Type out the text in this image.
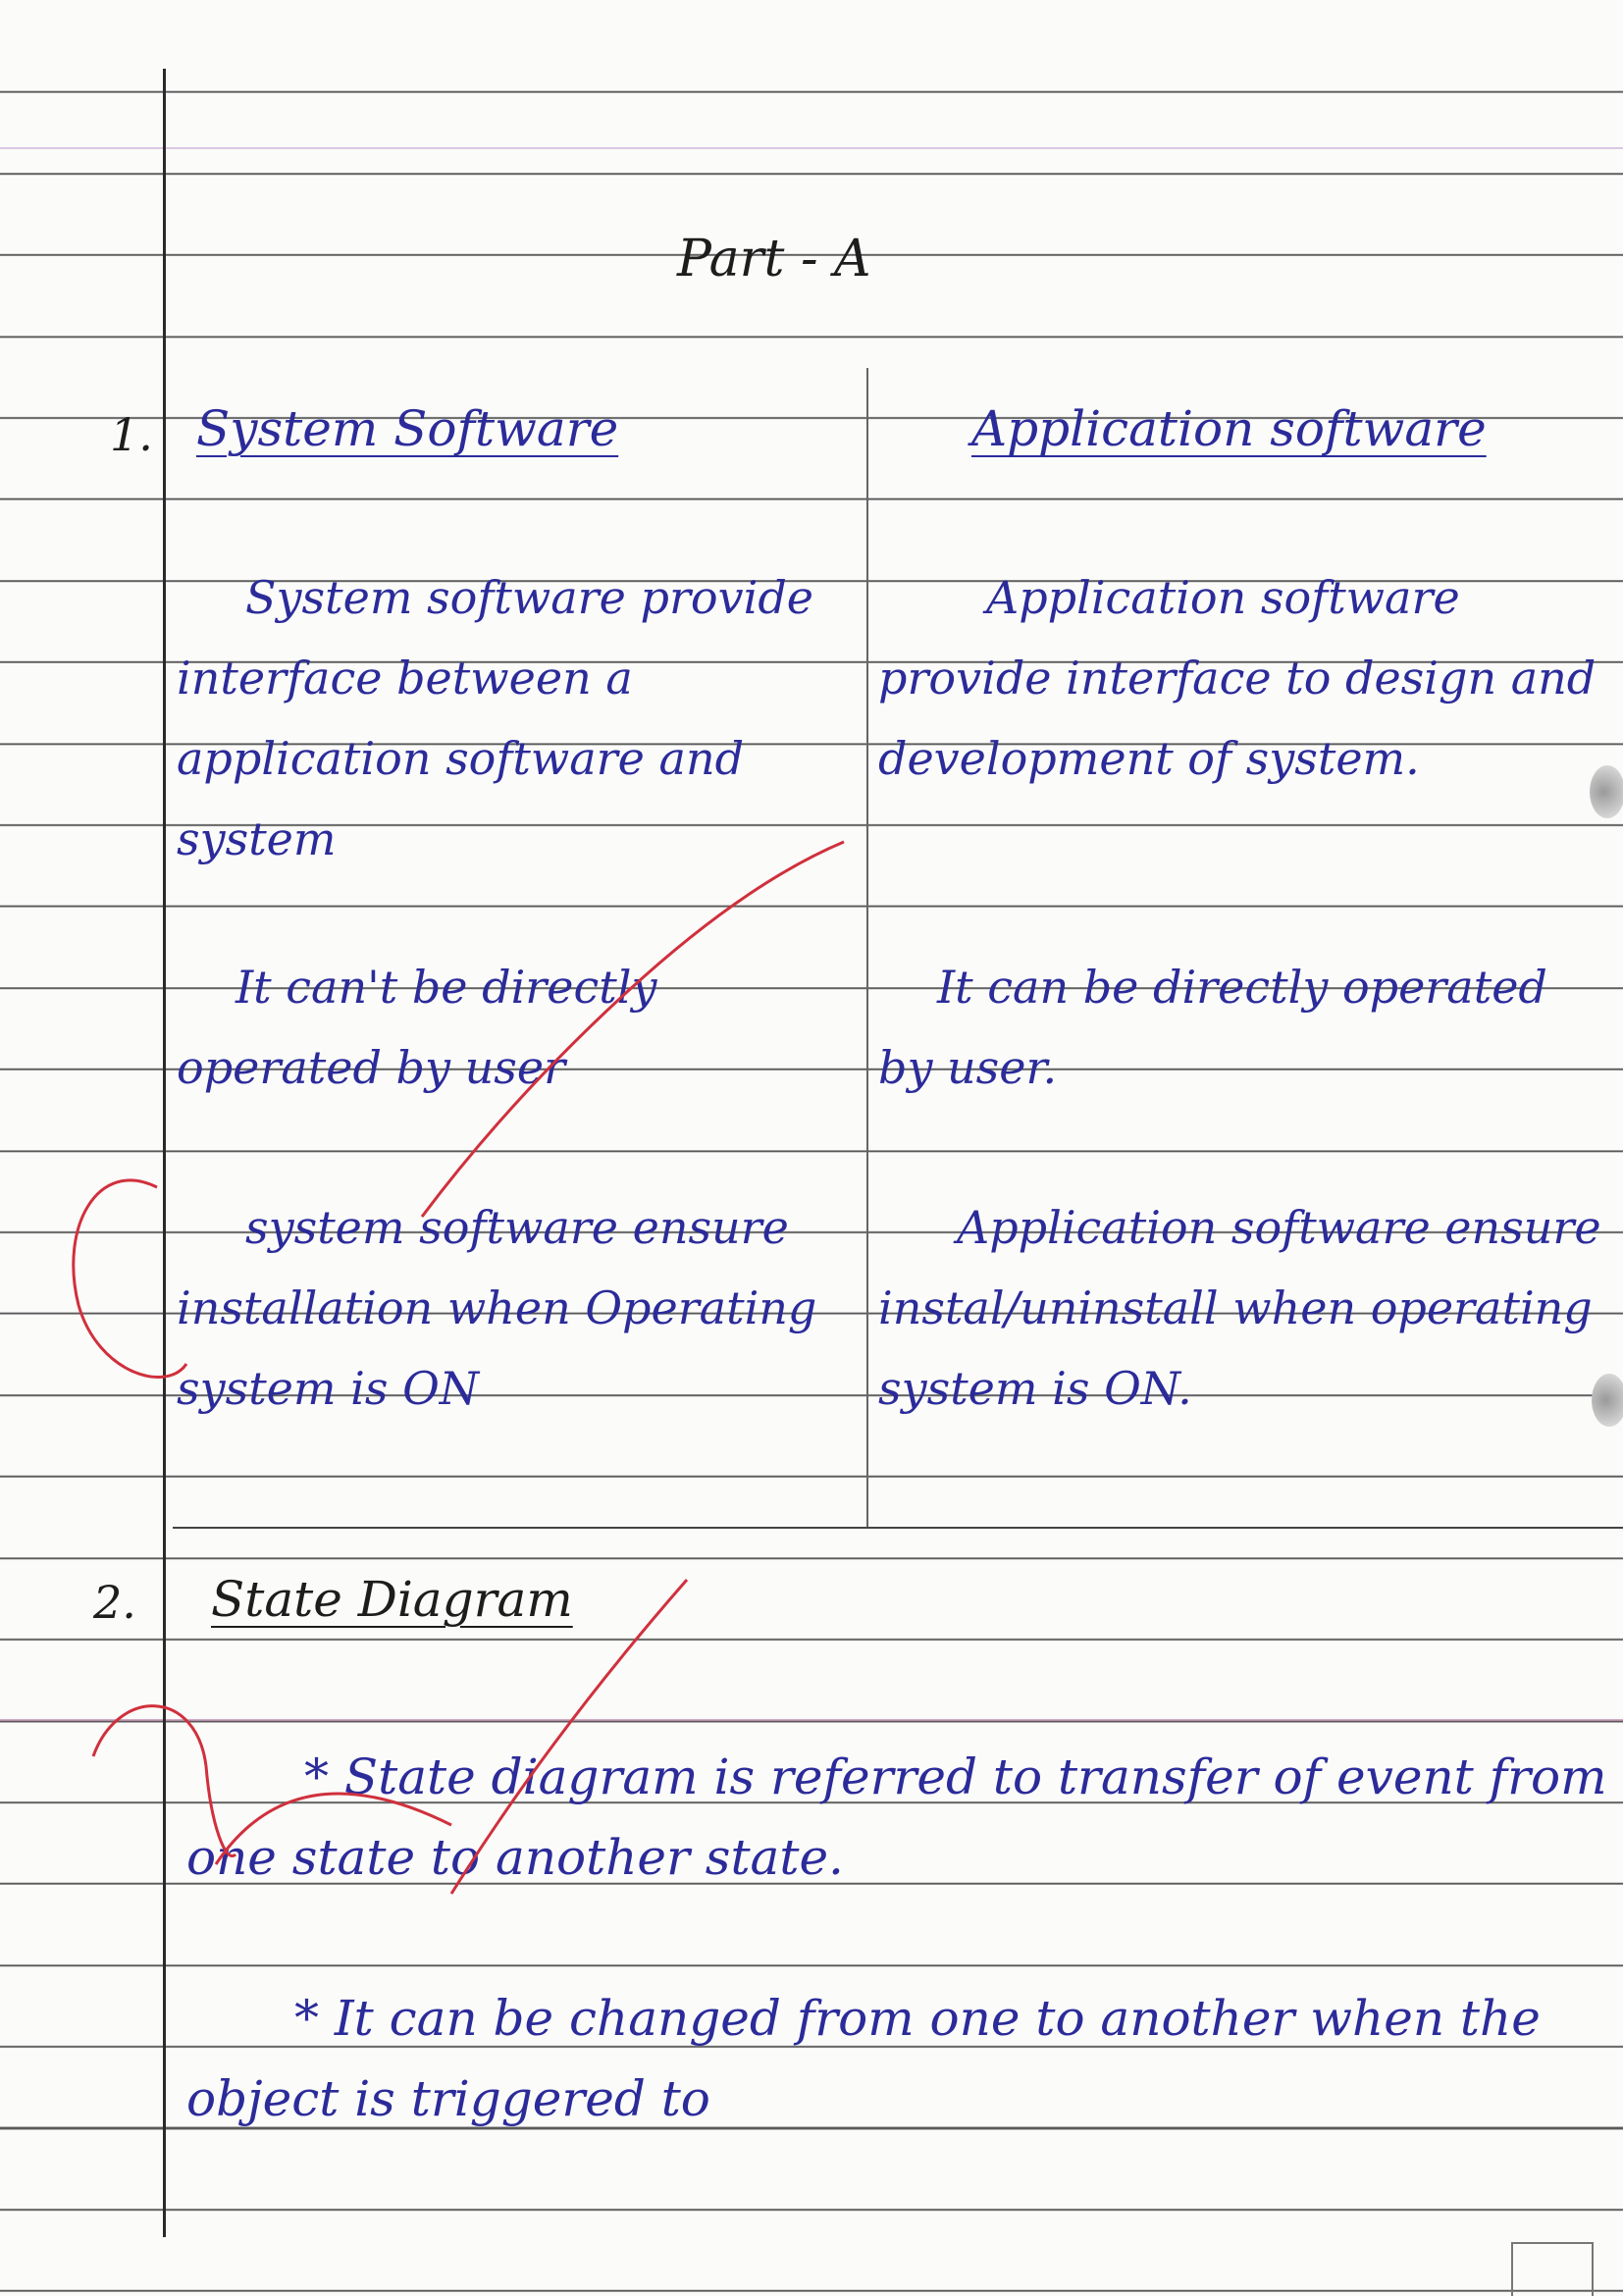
Part - A
1. System Software	Application software
System software provide interface between a application software and system
Application software provide interface to design and development of system.
It can't be directly operated by user
It can be directly operated by user.
system software ensure installation when Operating system is ON
Application software ensure instal/uninstall when operating system is ON.
2. State Diagram
* State diagram is referred to transfer of event from one state to another state.
* It can be changed from one to another when the object is triggered to
